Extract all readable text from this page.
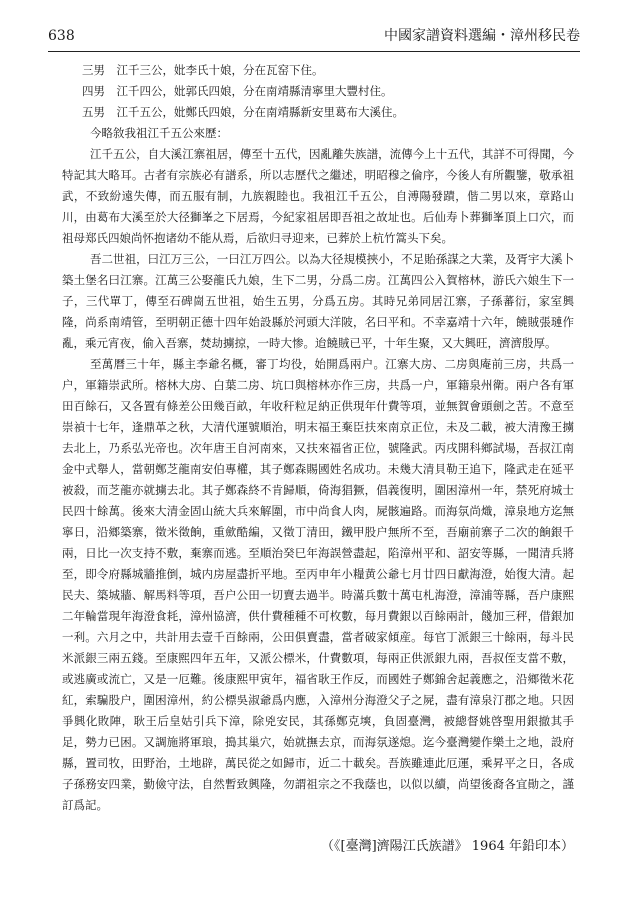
638	中國家譜資料選編・漳州移民卷

三男　江千三公，妣李氏十娘，分在瓦窑下住。

四男　江千四公，妣郭氏四娘，分在南靖縣清寧里大豐村住。

五男　江千五公，妣鄭氏四娘，分在南靖縣新安里葛布大溪住。

今略敘我祖江千五公來歷：

江千五公，自大溪江寨祖居，傳至十五代，因亂離失族譜，流傳今上十五代，其詳不可得聞，今特記其大略耳。古者有宗族必有譜系，所以志歷代之繼述，明昭穆之倫序，今後人有所觀鑒，敬承祖武，不致紛遠失傳，而五服有制，九族親睦也。我祖江千五公，自溥陽發蹟，偕二男以來，章路山川，由葛布大溪至於大径獅峯之下居焉，今紀家祖居即吾祖之故址也。后仙寿卜葬獅峯頂上口穴，而祖母郑氏四娘尚怀抱诸幼不能从焉，后欲归寻迎来，已葬於上杭竹篙头下矣。

吾二世祖，曰江万三公，一曰江万四公。以為大径規模挾小，不足貽孫謀之大業，及胥宇大溪卜築土堡名曰江寨。江萬三公娶龍氏九娘，生下二男，分爲二房。江萬四公入賀榕林，游氏六娘生下一子，三代單丁，傳至石碑崗五世祖，始生五男，分爲五房。其時兄弟同居江寨，子孫蕃衍，家室興隆，尚系南靖管，至明朝正德十四年始設縣於河頭大洋陂，名曰平和。不幸嘉靖十六年，饒賊張璉作亂，乘元宵夜，偷入吾寨，焚劫擄掠，一時大惨。迨饒賊已平，十年生聚，又大興旺，濟濟殷厚。

至萬曆三十年，縣主李爺名概，審丁均役，始開爲兩户。江寨大房、二房與庵前三房，共爲一户，軍籍崇武所。榕林大房、白葉二房、坑口與榕林亦作三房，共爲一户，軍籍泉州衛。兩户各有軍田百餘石，又各置有條差公田幾百畝，年收秆粒足納正供現年什費等項，並無賀會頭劍之苦。不意至崇禎十七年，逢鼎革之秋，大清代運號順治，明末福王棄臣扶來南京正位，未及二載，被大清豫王擄去北上，乃系弘光帝也。次年唐王自河南來，又扶來福省正位，號隆武。丙戌開科鄉試場，吾叔江南金中式舉人，當朝鄭芝龍南安伯專權，其子鄭森賜國姓名成功。未幾大清貝勒王追下，隆武走在延平被殺，而芝龍亦就擄去北。其子鄭森終不肯歸順，倚海猖獗，倡義復明，圍困漳州一年，禁死府城士民四十餘萬。後來大清金固山統大兵來解圍，市中尚食人肉，屍骸遍路。而海氛尚熾，漳泉地方迄無寧日，沿鄉築寨，徵米徵餉，重歛酷編，又徵丁清田，鐵甲股户無所不至，吾廟前寨子二次的餉銀千兩，日比一次支持不敷，棄寨而逃。至順治癸巳年海誤營盡起，陷漳州平和、詔安等縣，一聞清兵將至，即令府縣城牆推倒，城内房屋盡折平地。至丙申年小糧黄公爺七月廿四日獻海澄，始復大清。起民夫、築城牆、解馬料等項，吾户公田一切賣去過半。時滿兵數十萬屯札海澄，漳浦等縣，吾户康熙二年輪當現年海澄食耗，漳州協濟，供什費種種不可枚數，每月費銀以百餘兩計，餞加三秤，借銀加一利。六月之中，共計用去壹千百餘兩，公田俱賣盡，當者破家傾産。每官丁派銀三十餘兩，每斗民米派銀三兩五錢。至康熙四年五年，又派公標米，什費數項，每兩正供派銀九兩，吾叔侄支當不敷，或逃廣或流亡，又是一厄難。後康熙甲寅年，福省耿王作反，而國姓子鄭錦舍起義應之，沿鄉徵米花紅，索騙股户，圍困漳州，約公標吳淑爺爲内應，入漳州分海澄父子之屍，盡有漳泉汀郡之地。只因爭興化敗陣，耿王后皇姑引兵下漳，除兇安民，其孫鄭克塽，負固臺灣，被總督姚啓聖用銀撤其手足，勢力已困。又調施將軍琅，搗其巢穴，始就撫去京，而海氛遂熄。迄今臺灣變作樂土之地，設府縣，置司牧，田野治，土地辟，萬民從之如歸市，近二十載矣。吾族雖連此厄運，乘昇平之日，各成子孫務安四業，勤儉守法，自然暫致興隆，勿謂祖宗之不我蔭也，以似以續，尚望後裔各宜勛之，謹訂爲記。

（《[臺灣]濟陽江氏族譜》 1964 年鉛印本）
